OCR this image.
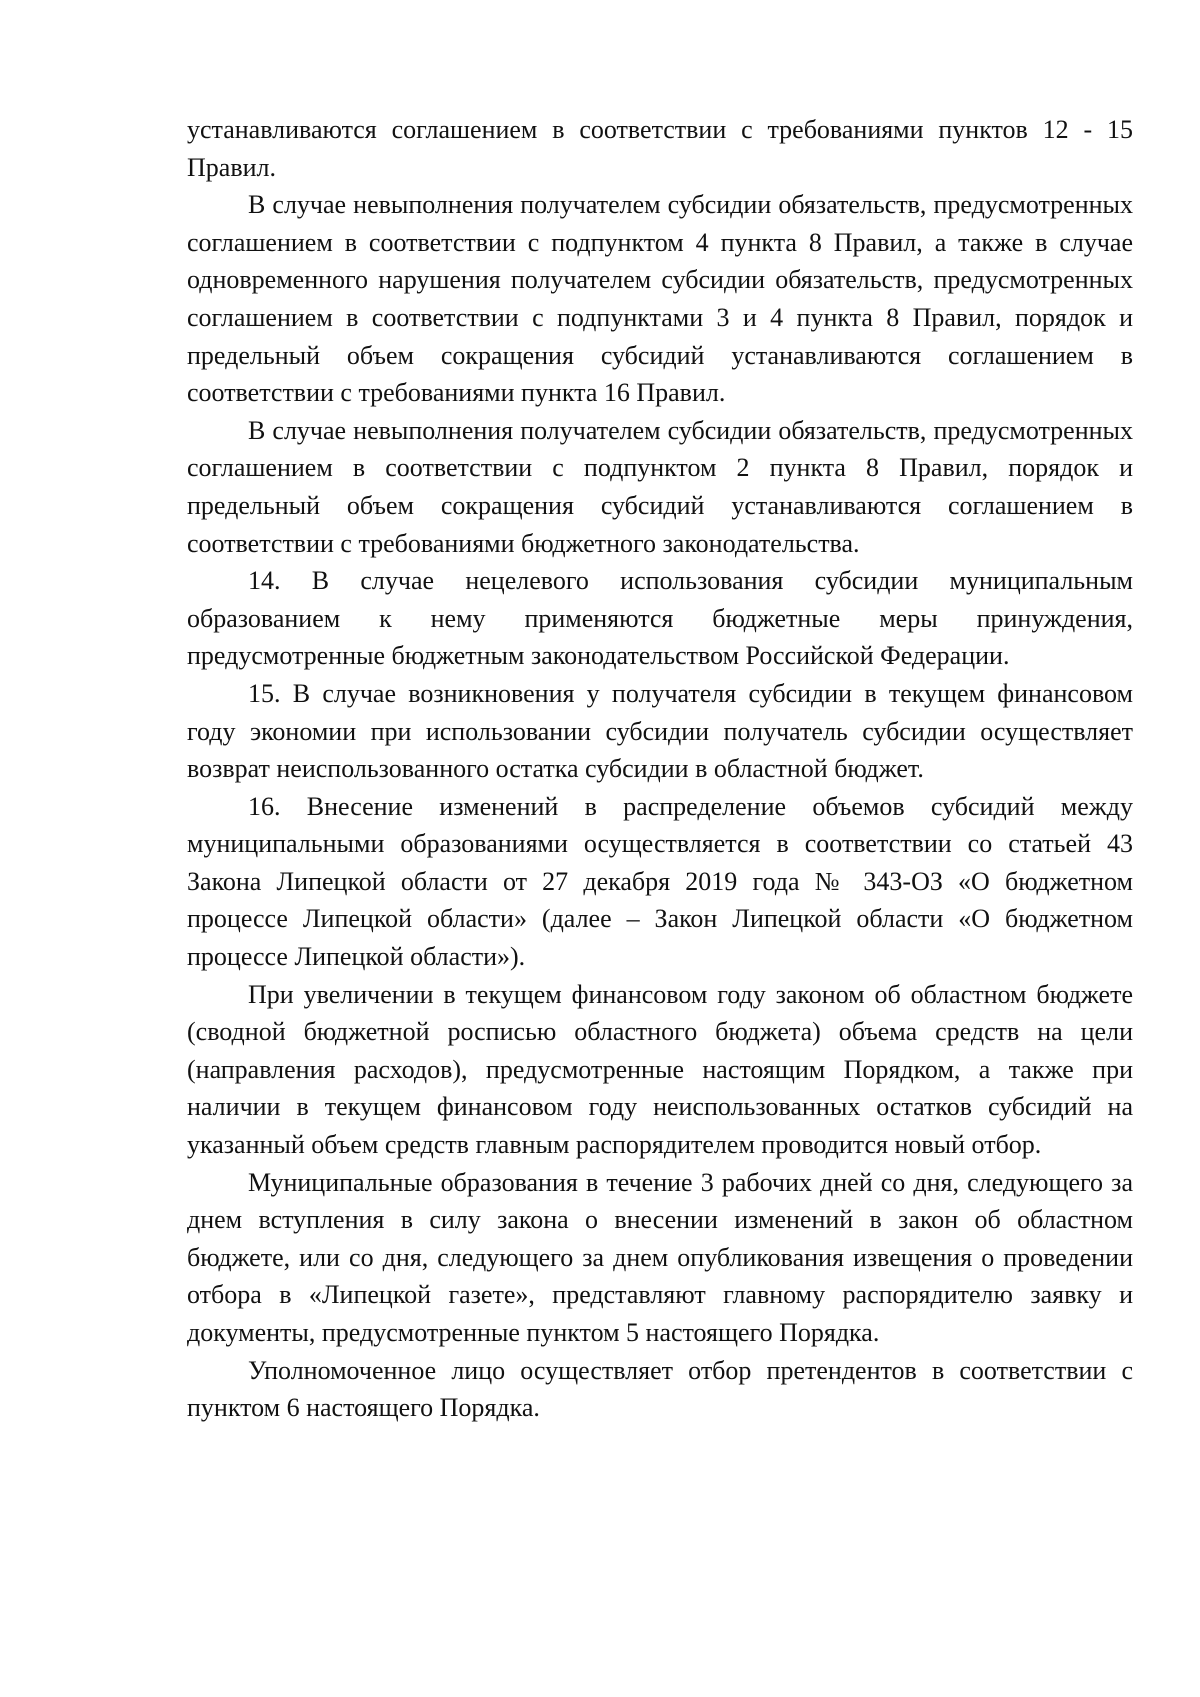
устанавливаются соглашением в соответствии с требованиями пунктов 12 - 15 Правил.

В случае невыполнения получателем субсидии обязательств, предусмотренных соглашением в соответствии с подпунктом 4 пункта 8 Правил, а также в случае одновременного нарушения получателем субсидии обязательств, предусмотренных соглашением в соответствии с подпунктами 3 и 4 пункта 8 Правил, порядок и предельный объем сокращения субсидий устанавливаются соглашением в соответствии с требованиями пункта 16 Правил.

В случае невыполнения получателем субсидии обязательств, предусмотренных соглашением в соответствии с подпунктом 2 пункта 8 Правил, порядок и предельный объем сокращения субсидий устанавливаются соглашением в соответствии с требованиями бюджетного законодательства.

14. В случае нецелевого использования субсидии муниципальным образованием к нему применяются бюджетные меры принуждения, предусмотренные бюджетным законодательством Российской Федерации.

15. В случае возникновения у получателя субсидии в текущем финансовом году экономии при использовании субсидии получатель субсидии осуществляет возврат неиспользованного остатка субсидии в областной бюджет.

16. Внесение изменений в распределение объемов субсидий между муниципальными образованиями осуществляется в соответствии со статьей 43 Закона Липецкой области от 27 декабря 2019 года № 343-ОЗ «О бюджетном процессе Липецкой области» (далее – Закон Липецкой области «О бюджетном процессе Липецкой области»).

При увеличении в текущем финансовом году законом об областном бюджете (сводной бюджетной росписью областного бюджета) объема средств на цели (направления расходов), предусмотренные настоящим Порядком, а также при наличии в текущем финансовом году неиспользованных остатков субсидий на указанный объем средств главным распорядителем проводится новый отбор.

Муниципальные образования в течение 3 рабочих дней со дня, следующего за днем вступления в силу закона о внесении изменений в закон об областном бюджете, или со дня, следующего за днем опубликования извещения о проведении отбора в «Липецкой газете», представляют главному распорядителю заявку и документы, предусмотренные пунктом 5 настоящего Порядка.

Уполномоченное лицо осуществляет отбор претендентов в соответствии с пунктом 6 настоящего Порядка.
